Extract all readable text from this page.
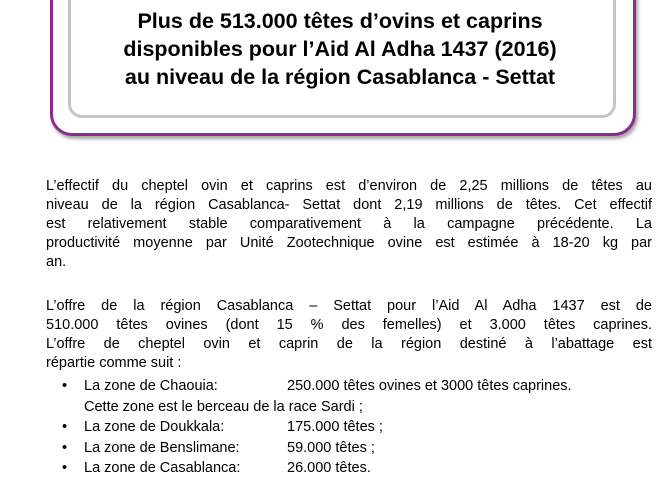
Plus de 513.000 têtes d’ovins et caprins
disponibles pour l’Aid Al Adha 1437 (2016)
au niveau de la région Casablanca - Settat
L’effectif du cheptel ovin et caprins est d’environ de 2,25 millions de têtes au
niveau de la région Casablanca- Settat dont 2,19 millions de têtes. Cet effectif
est relativement stable comparativement à la campagne précédente. La
productivité moyenne par Unité Zootechnique ovine est estimée à 18-20 kg par
an.
L’offre de la région Casablanca – Settat pour l’Aid Al Adha 1437 est de
510.000 têtes ovines (dont 15 % des femelles) et 3.000 têtes caprines.
L’offre de cheptel ovin et caprin de la région destiné à l’abattage est
répartie comme suit :
• La zone de Chaouia:	250.000 têtes ovines et 3000 têtes caprines.
Cette zone est le berceau de la race Sardi ;
• La zone de Doukkala:	175.000 têtes ;
• La zone de Benslimane:	59.000 têtes ;
• La zone de Casablanca:	26.000 têtes.
